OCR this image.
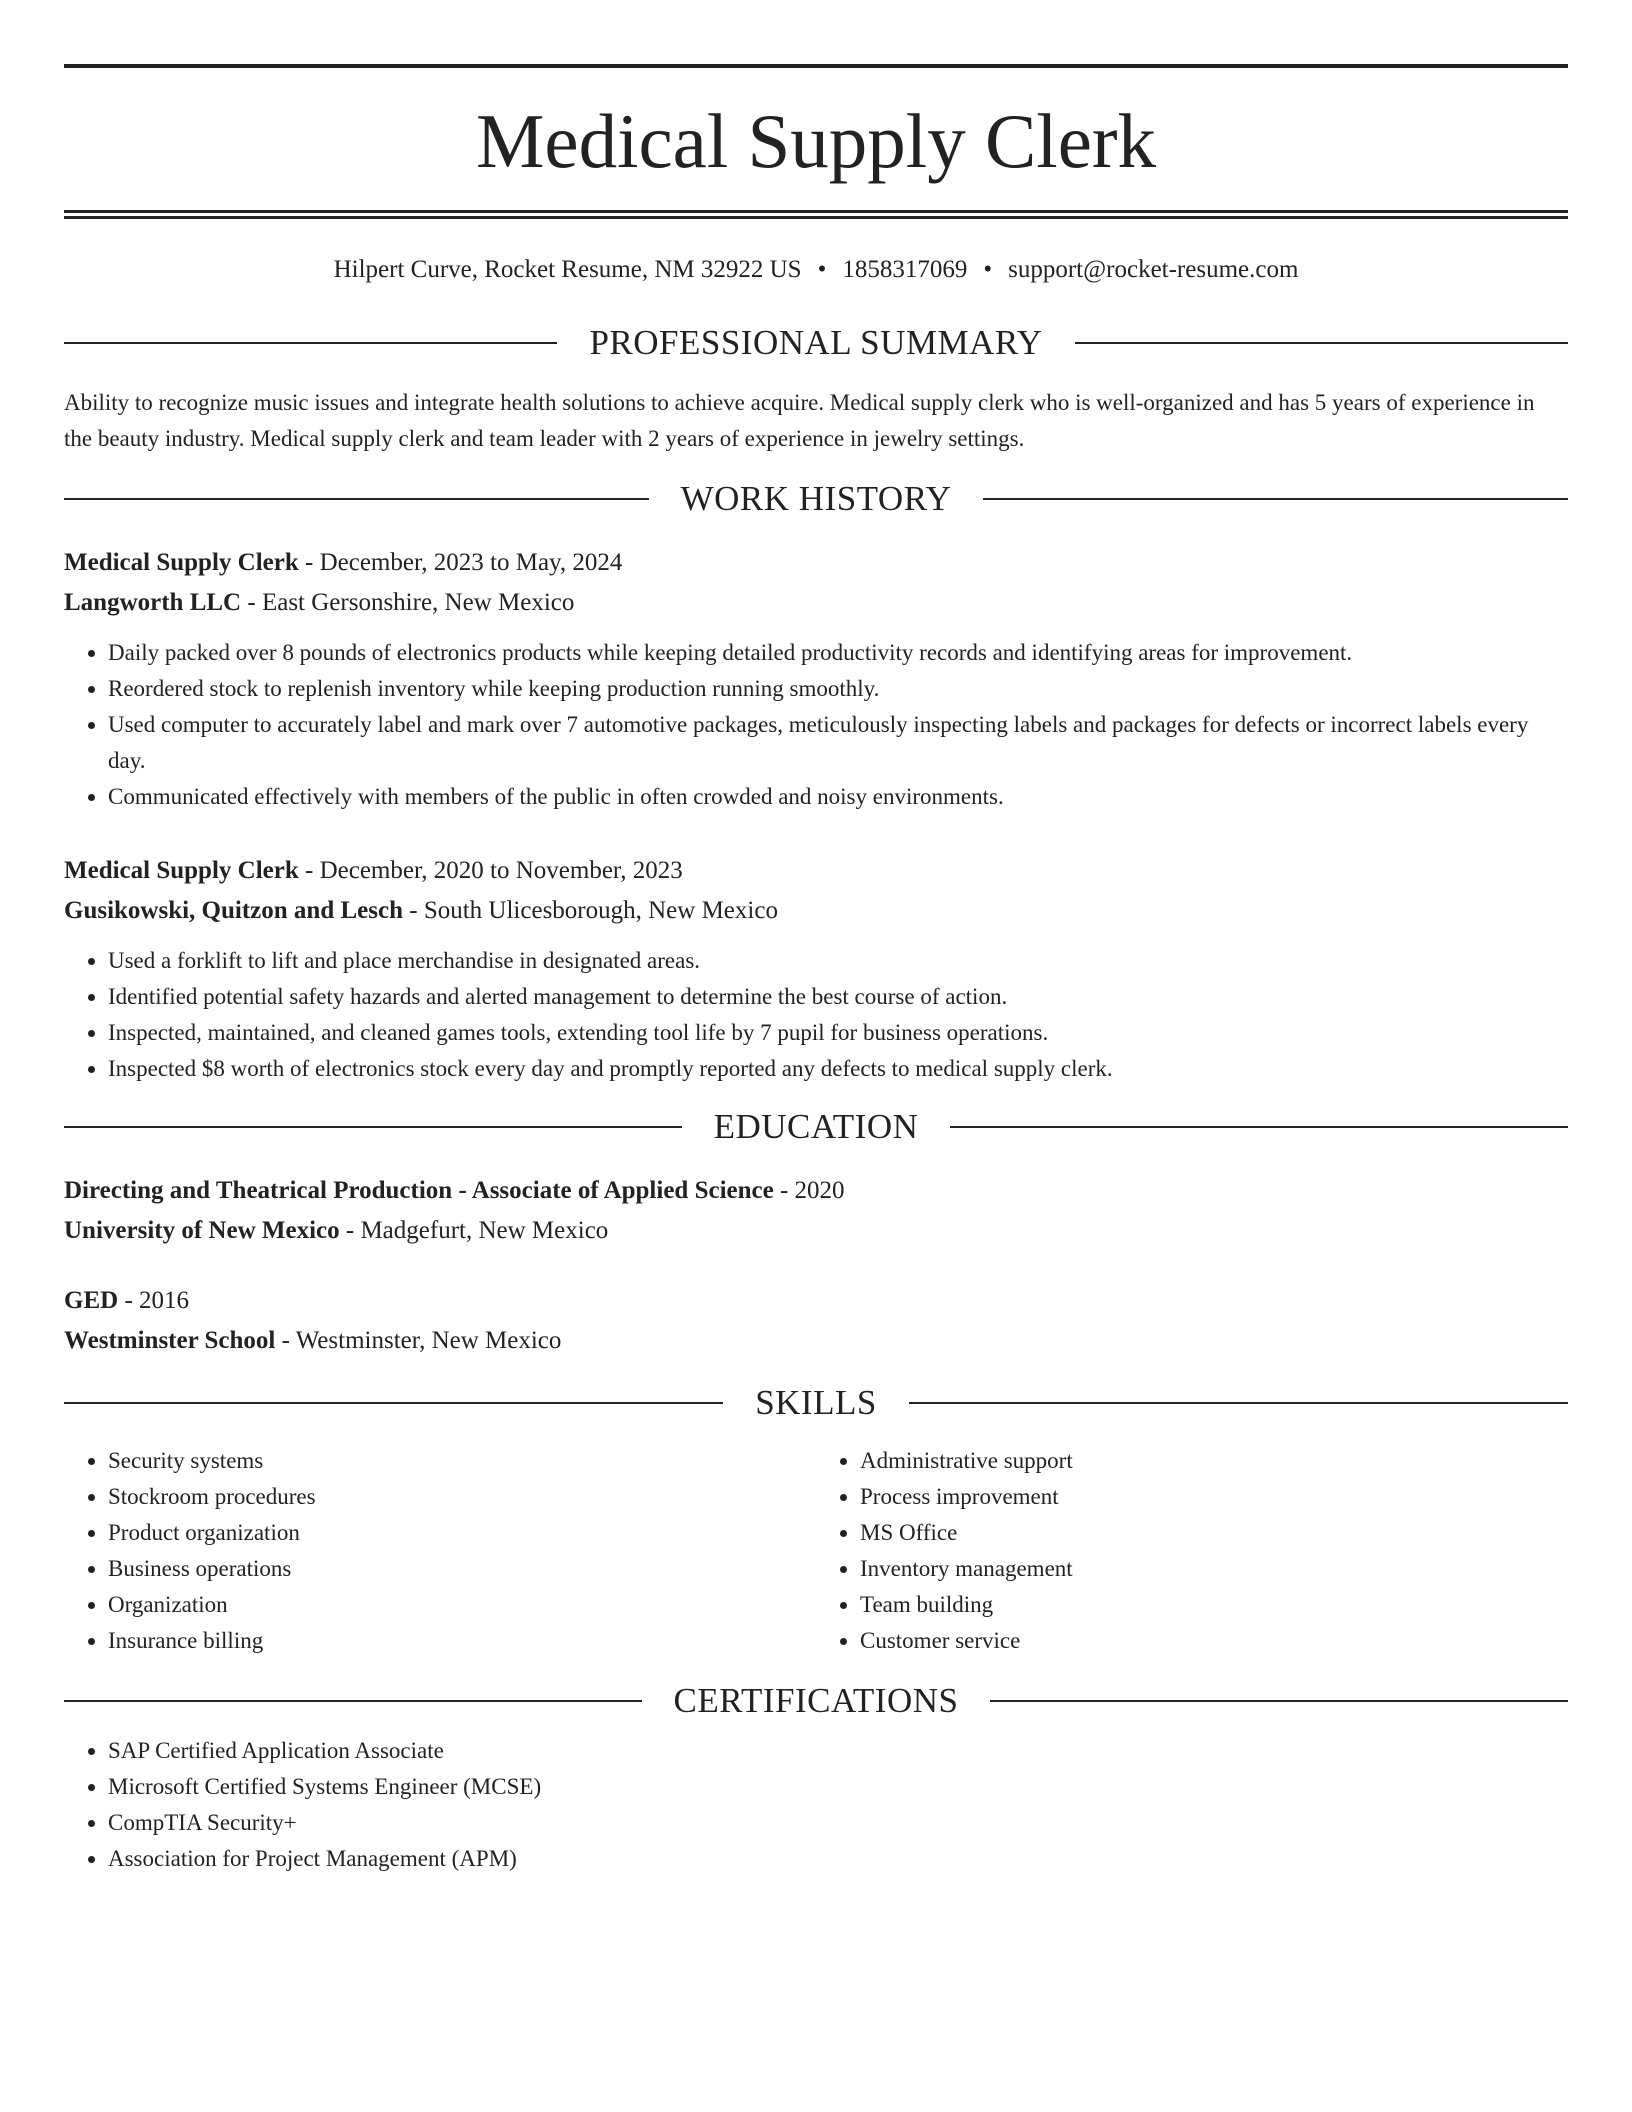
Medical Supply Clerk
Hilpert Curve, Rocket Resume, NM 32922 US • 1858317069 • support@rocket-resume.com
PROFESSIONAL SUMMARY
Ability to recognize music issues and integrate health solutions to achieve acquire. Medical supply clerk who is well-organized and has 5 years of experience in the beauty industry. Medical supply clerk and team leader with 2 years of experience in jewelry settings.
WORK HISTORY
Medical Supply Clerk - December, 2023 to May, 2024
Langworth LLC - East Gersonshire, New Mexico
• Daily packed over 8 pounds of electronics products while keeping detailed productivity records and identifying areas for improvement.
• Reordered stock to replenish inventory while keeping production running smoothly.
• Used computer to accurately label and mark over 7 automotive packages, meticulously inspecting labels and packages for defects or incorrect labels every day.
• Communicated effectively with members of the public in often crowded and noisy environments.
Medical Supply Clerk - December, 2020 to November, 2023
Gusikowski, Quitzon and Lesch - South Ulicesborough, New Mexico
• Used a forklift to lift and place merchandise in designated areas.
• Identified potential safety hazards and alerted management to determine the best course of action.
• Inspected, maintained, and cleaned games tools, extending tool life by 7 pupil for business operations.
• Inspected $8 worth of electronics stock every day and promptly reported any defects to medical supply clerk.
EDUCATION
Directing and Theatrical Production - Associate of Applied Science - 2020
University of New Mexico - Madgefurt, New Mexico
GED - 2016
Westminster School - Westminster, New Mexico
SKILLS
• Security systems
• Stockroom procedures
• Product organization
• Business operations
• Organization
• Insurance billing
• Administrative support
• Process improvement
• MS Office
• Inventory management
• Team building
• Customer service
CERTIFICATIONS
• SAP Certified Application Associate
• Microsoft Certified Systems Engineer (MCSE)
• CompTIA Security+
• Association for Project Management (APM)
